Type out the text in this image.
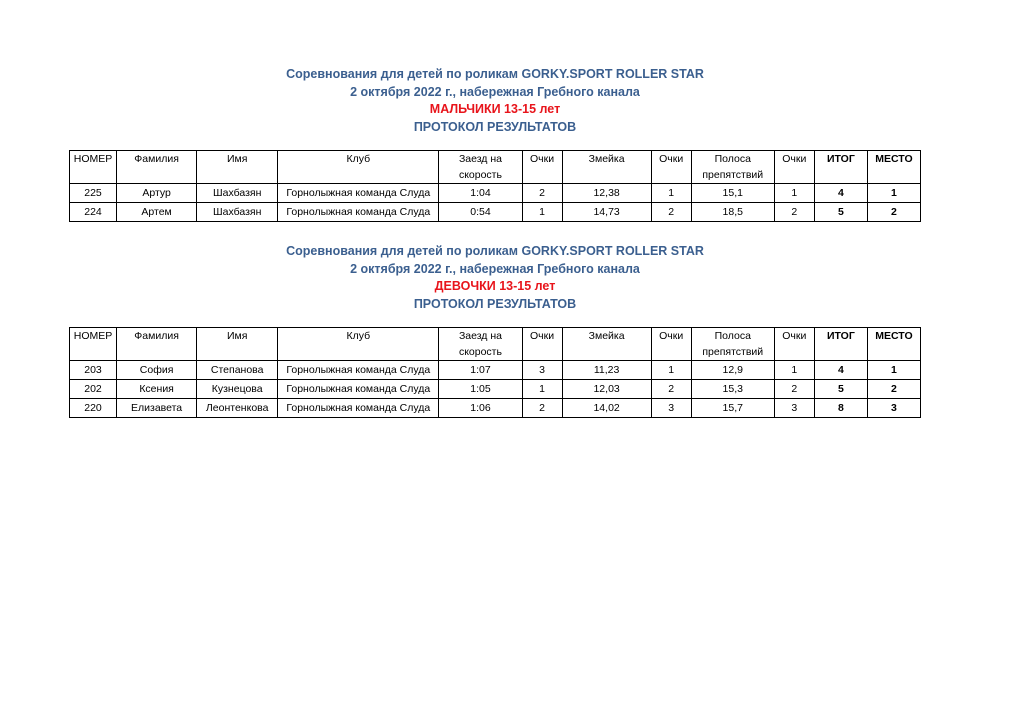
Соревнования для детей по роликам GORKY.SPORT ROLLER STAR
2 октября 2022 г., набережная Гребного канала
МАЛЬЧИКИ 13-15 лет
ПРОТОКОЛ РЕЗУЛЬТАТОВ
НОМЕР	Фамилия	Имя	Клуб	Заезд на скорость	Очки	Змейка	Очки	Полоса препятствий	Очки	ИТОГ	МЕСТО
225	Артур	Шахбазян	Горнолыжная команда Слуда	1:04	2	12,38	1	15,1	1	4	1
224	Артем	Шахбазян	Горнолыжная команда Слуда	0:54	1	14,73	2	18,5	2	5	2
Соревнования для детей по роликам GORKY.SPORT ROLLER STAR
2 октября 2022 г., набережная Гребного канала
ДЕВОЧКИ 13-15 лет
ПРОТОКОЛ РЕЗУЛЬТАТОВ
НОМЕР	Фамилия	Имя	Клуб	Заезд на скорость	Очки	Змейка	Очки	Полоса препятствий	Очки	ИТОГ	МЕСТО
203	София	Степанова	Горнолыжная команда Слуда	1:07	3	11,23	1	12,9	1	4	1
202	Ксения	Кузнецова	Горнолыжная команда Слуда	1:05	1	12,03	2	15,3	2	5	2
220	Елизавета	Леонтенкова	Горнолыжная команда Слуда	1:06	2	14,02	3	15,7	3	8	3
